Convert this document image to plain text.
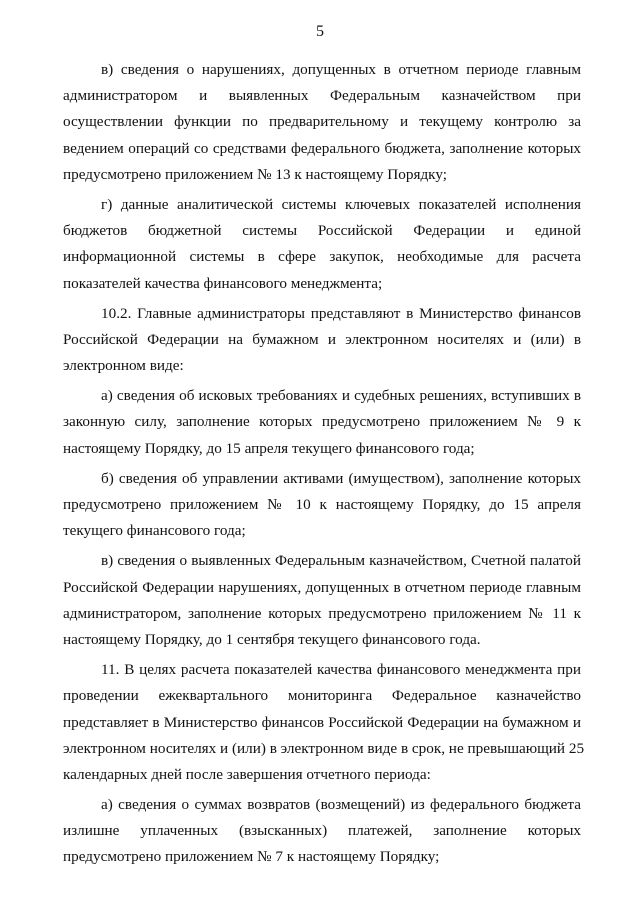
5
в) сведения о нарушениях, допущенных в отчетном периоде главным
администратором и выявленных Федеральным казначейством при
осуществлении функции по предварительному и текущему контролю за
ведением операций со средствами федерального бюджета, заполнение которых
предусмотрено приложением № 13 к настоящему Порядку;
г) данные аналитической системы ключевых показателей исполнения
бюджетов бюджетной системы Российской Федерации и единой
информационной системы в сфере закупок, необходимые для расчета
показателей качества финансового менеджмента;
10.2. Главные администраторы представляют в Министерство финансов
Российской Федерации на бумажном и электронном носителях и (или) в
электронном виде:
а) сведения об исковых требованиях и судебных решениях, вступивших в
законную силу, заполнение которых предусмотрено приложением № 9 к
настоящему Порядку, до 15 апреля текущего финансового года;
б) сведения об управлении активами (имуществом), заполнение которых
предусмотрено приложением № 10 к настоящему Порядку, до 15 апреля
текущего финансового года;
в) сведения о выявленных Федеральным казначейством, Счетной палатой
Российской Федерации нарушениях, допущенных в отчетном периоде главным
администратором, заполнение которых предусмотрено приложением № 11 к
настоящему Порядку, до 1 сентября текущего финансового года.
11. В целях расчета показателей качества финансового менеджмента при
проведении ежеквартального мониторинга Федеральное казначейство
представляет в Министерство финансов Российской Федерации на бумажном и
электронном носителях и (или) в электронном виде в срок, не превышающий 25
календарных дней после завершения отчетного периода:
а) сведения о суммах возвратов (возмещений) из федерального бюджета
излишне уплаченных (взысканных) платежей, заполнение которых
предусмотрено приложением № 7 к настоящему Порядку;
